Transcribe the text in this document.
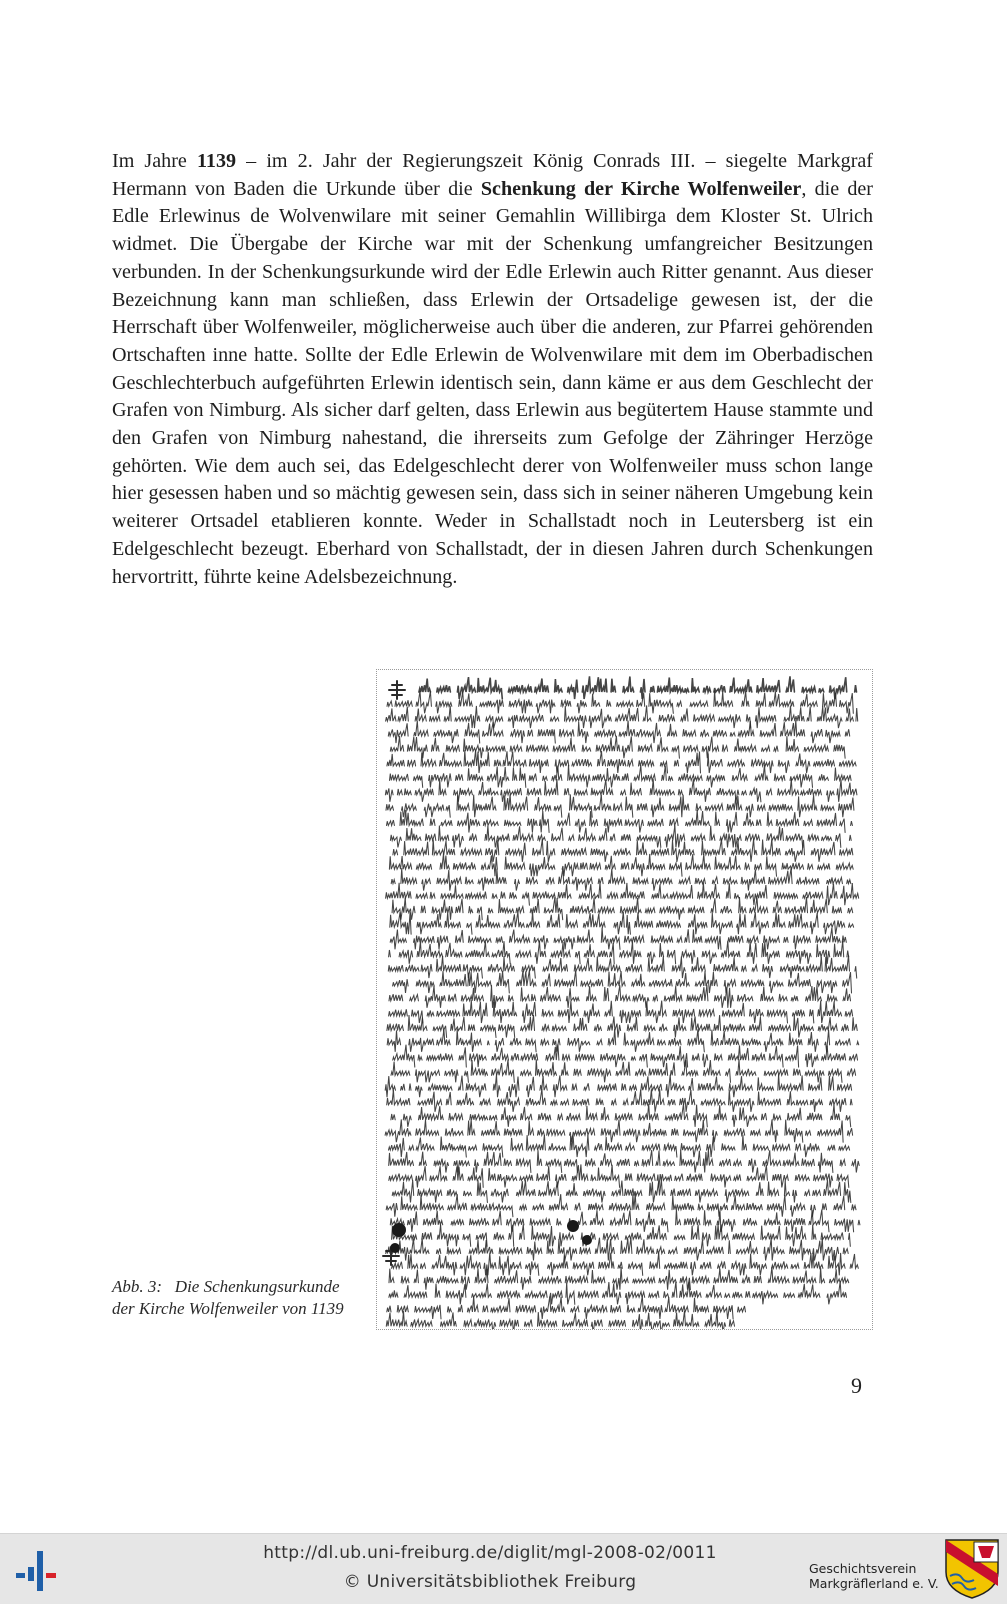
Im Jahre 1139 – im 2. Jahr der Regierungszeit König Conrads III. – siegelte Markgraf Hermann von Baden die Urkunde über die Schenkung der Kirche Wolfenweiler, die der Edle Erlewinus de Wolvenwilare mit seiner Gemahlin Willibirga dem Kloster St. Ulrich widmet. Die Übergabe der Kirche war mit der Schenkung umfangreicher Besitzungen verbunden. In der Schenkungsurkunde wird der Edle Erlewin auch Ritter genannt. Aus dieser Bezeichnung kann man schließen, dass Erlewin der Ortsadelige gewesen ist, der die Herrschaft über Wolfenweiler, möglicherweise auch über die anderen, zur Pfarrei gehörenden Ortschaften inne hatte. Sollte der Edle Erlewin de Wolvenwilare mit dem im Oberbadischen Geschlechterbuch aufgeführten Erlewin identisch sein, dann käme er aus dem Geschlecht der Grafen von Nimburg. Als sicher darf gelten, dass Erlewin aus begütertem Hause stammte und den Grafen von Nimburg nahestand, die ihrerseits zum Gefolge der Zähringer Herzöge gehörten. Wie dem auch sei, das Edelgeschlecht derer von Wolfenweiler muss schon lange hier gesessen haben und so mächtig gewesen sein, dass sich in seiner näheren Umgebung kein weiterer Ortsadel etablieren konnte. Weder in Schallstadt noch in Leutersberg ist ein Edelgeschlecht bezeugt. Eberhard von Schallstadt, der in diesen Jahren durch Schenkungen hervortritt, führte keine Adelsbezeichnung.

Abb. 3:   Die Schenkungsurkunde
der Kirche Wolfenweiler von 1139
9
http://dl.ub.uni-freiburg.de/diglit/mgl-2008-02/0011
© Universitätsbibliothek Freiburg
Geschichtsverein
Markgräflerland e. V.
